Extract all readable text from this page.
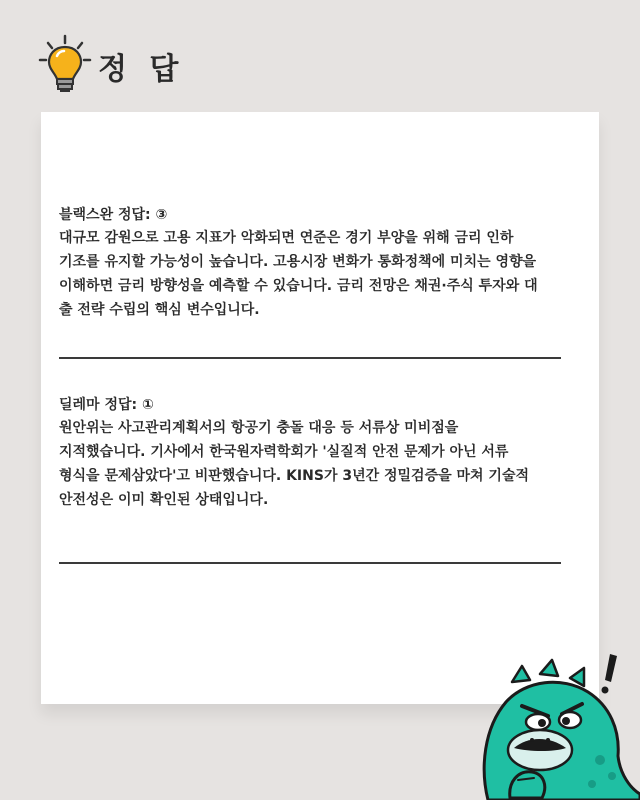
정 답
블랙스완 정답: ③
대규모 감원으로 고용 지표가 악화되면 연준은 경기 부양을 위해 금리 인하
기조를 유지할 가능성이 높습니다. 고용시장 변화가 통화정책에 미치는 영향을
이해하면 금리 방향성을 예측할 수 있습니다. 금리 전망은 채권·주식 투자와 대
출 전략 수립의 핵심 변수입니다.
딜레마 정답: ①
원안위는 사고관리계획서의 항공기 충돌 대응 등 서류상 미비점을
지적했습니다. 기사에서 한국원자력학회가 '실질적 안전 문제가 아닌 서류
형식을 문제삼았다'고 비판했습니다. KINS가 3년간 정밀검증을 마쳐 기술적
안전성은 이미 확인된 상태입니다.
